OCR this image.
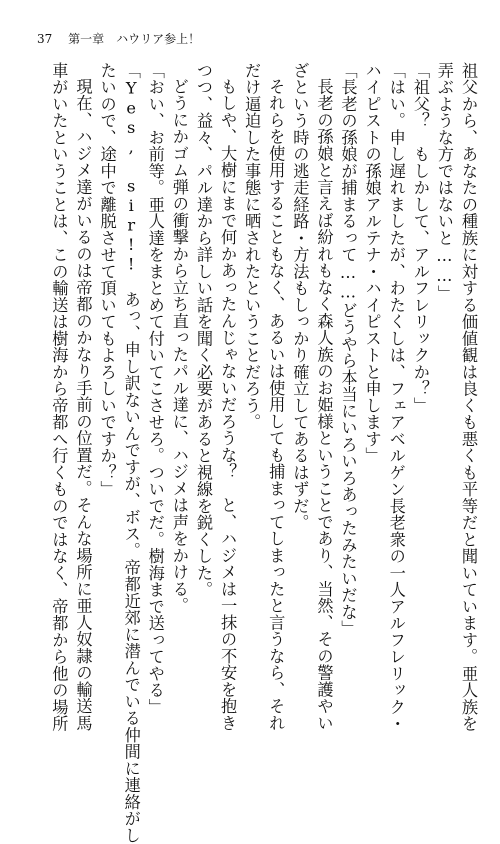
37 第一章　ハウリア参上！
祖父から、あなたの種族に対する価値観は良くも悪くも平等だと聞いています。亜人族を
弄ぶような方ではないと……」
「祖父？　もしかして、アルフレリックか？」
「はい。申し遅れましたが、わたくしは、フェアベルゲン長老衆の一人アルフレリック・
ハイピストの孫娘アルテナ・ハイピストと申します」
「長老の孫娘が捕まるって……どうやら本当にいろいろあったみたいだな」
長老の孫娘と言えば紛れもなく森人族のお姫様ということであり、当然、その警護やい
ざという時の逃走経路・方法もしっかり確立してあるはずだ。
それらを使用することもなく、あるいは使用しても捕まってしまったと言うなら、それ
だけ逼迫した事態に晒されたということだろう。
もしや、大樹にまで何かあったんじゃないだろうな？　と、ハジメは一抹の不安を抱き
つつ、益々、パル達から詳しい話を聞く必要があると視線を鋭くした。
どうにかゴム弾の衝撃から立ち直ったパル達に、ハジメは声をかける。
「おい、お前等。亜人達をまとめて付いてこさせろ。ついでだ。樹海まで送ってやる」
「Yes, sir!!　あっ、申し訳ないんですが、ボス。帝都近郊に潜んでいる仲間に連絡がし
たいので、途中で離脱させて頂いてもよろしいですか？」
現在、ハジメ達がいるのは帝都のかなり手前の位置だ。そんな場所に亜人奴隷の輸送馬
車がいたということは、この輸送は樹海から帝都へ行くものではなく、帝都から他の場所
